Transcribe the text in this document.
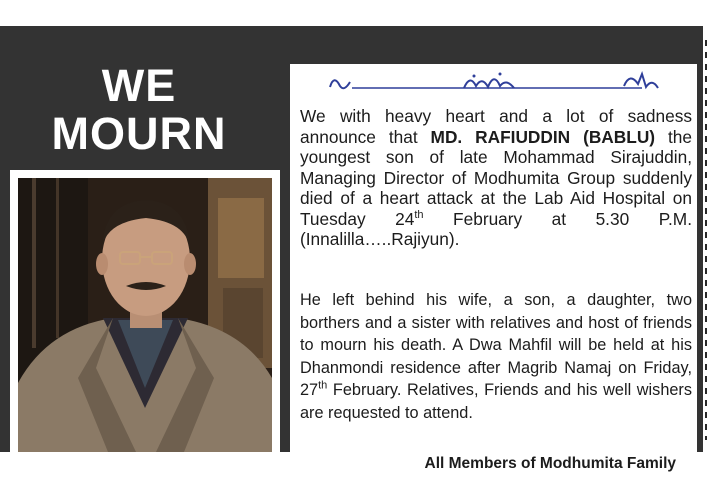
WE
MOURN	We with heavy heart and a lot of sadness announce that MD. RAFIUDDIN (BABLU) the youngest son of late Mohammad Sirajuddin, Managing Director of Modhumita Group suddenly died of a heart attack at the Lab Aid Hospital on Tuesday 24th February at 5.30 P.M. (Innalilla…..Rajiyun).

He left behind his wife, a son, a daughter, two borthers and a sister with relatives and host of friends to mourn his death. A Dwa Mahfil will be held at his Dhanmondi residence after Magrib Namaj on Friday, 27th February. Relatives, Friends and his well wishers are requested to attend.

All Members of Modhumita Family
